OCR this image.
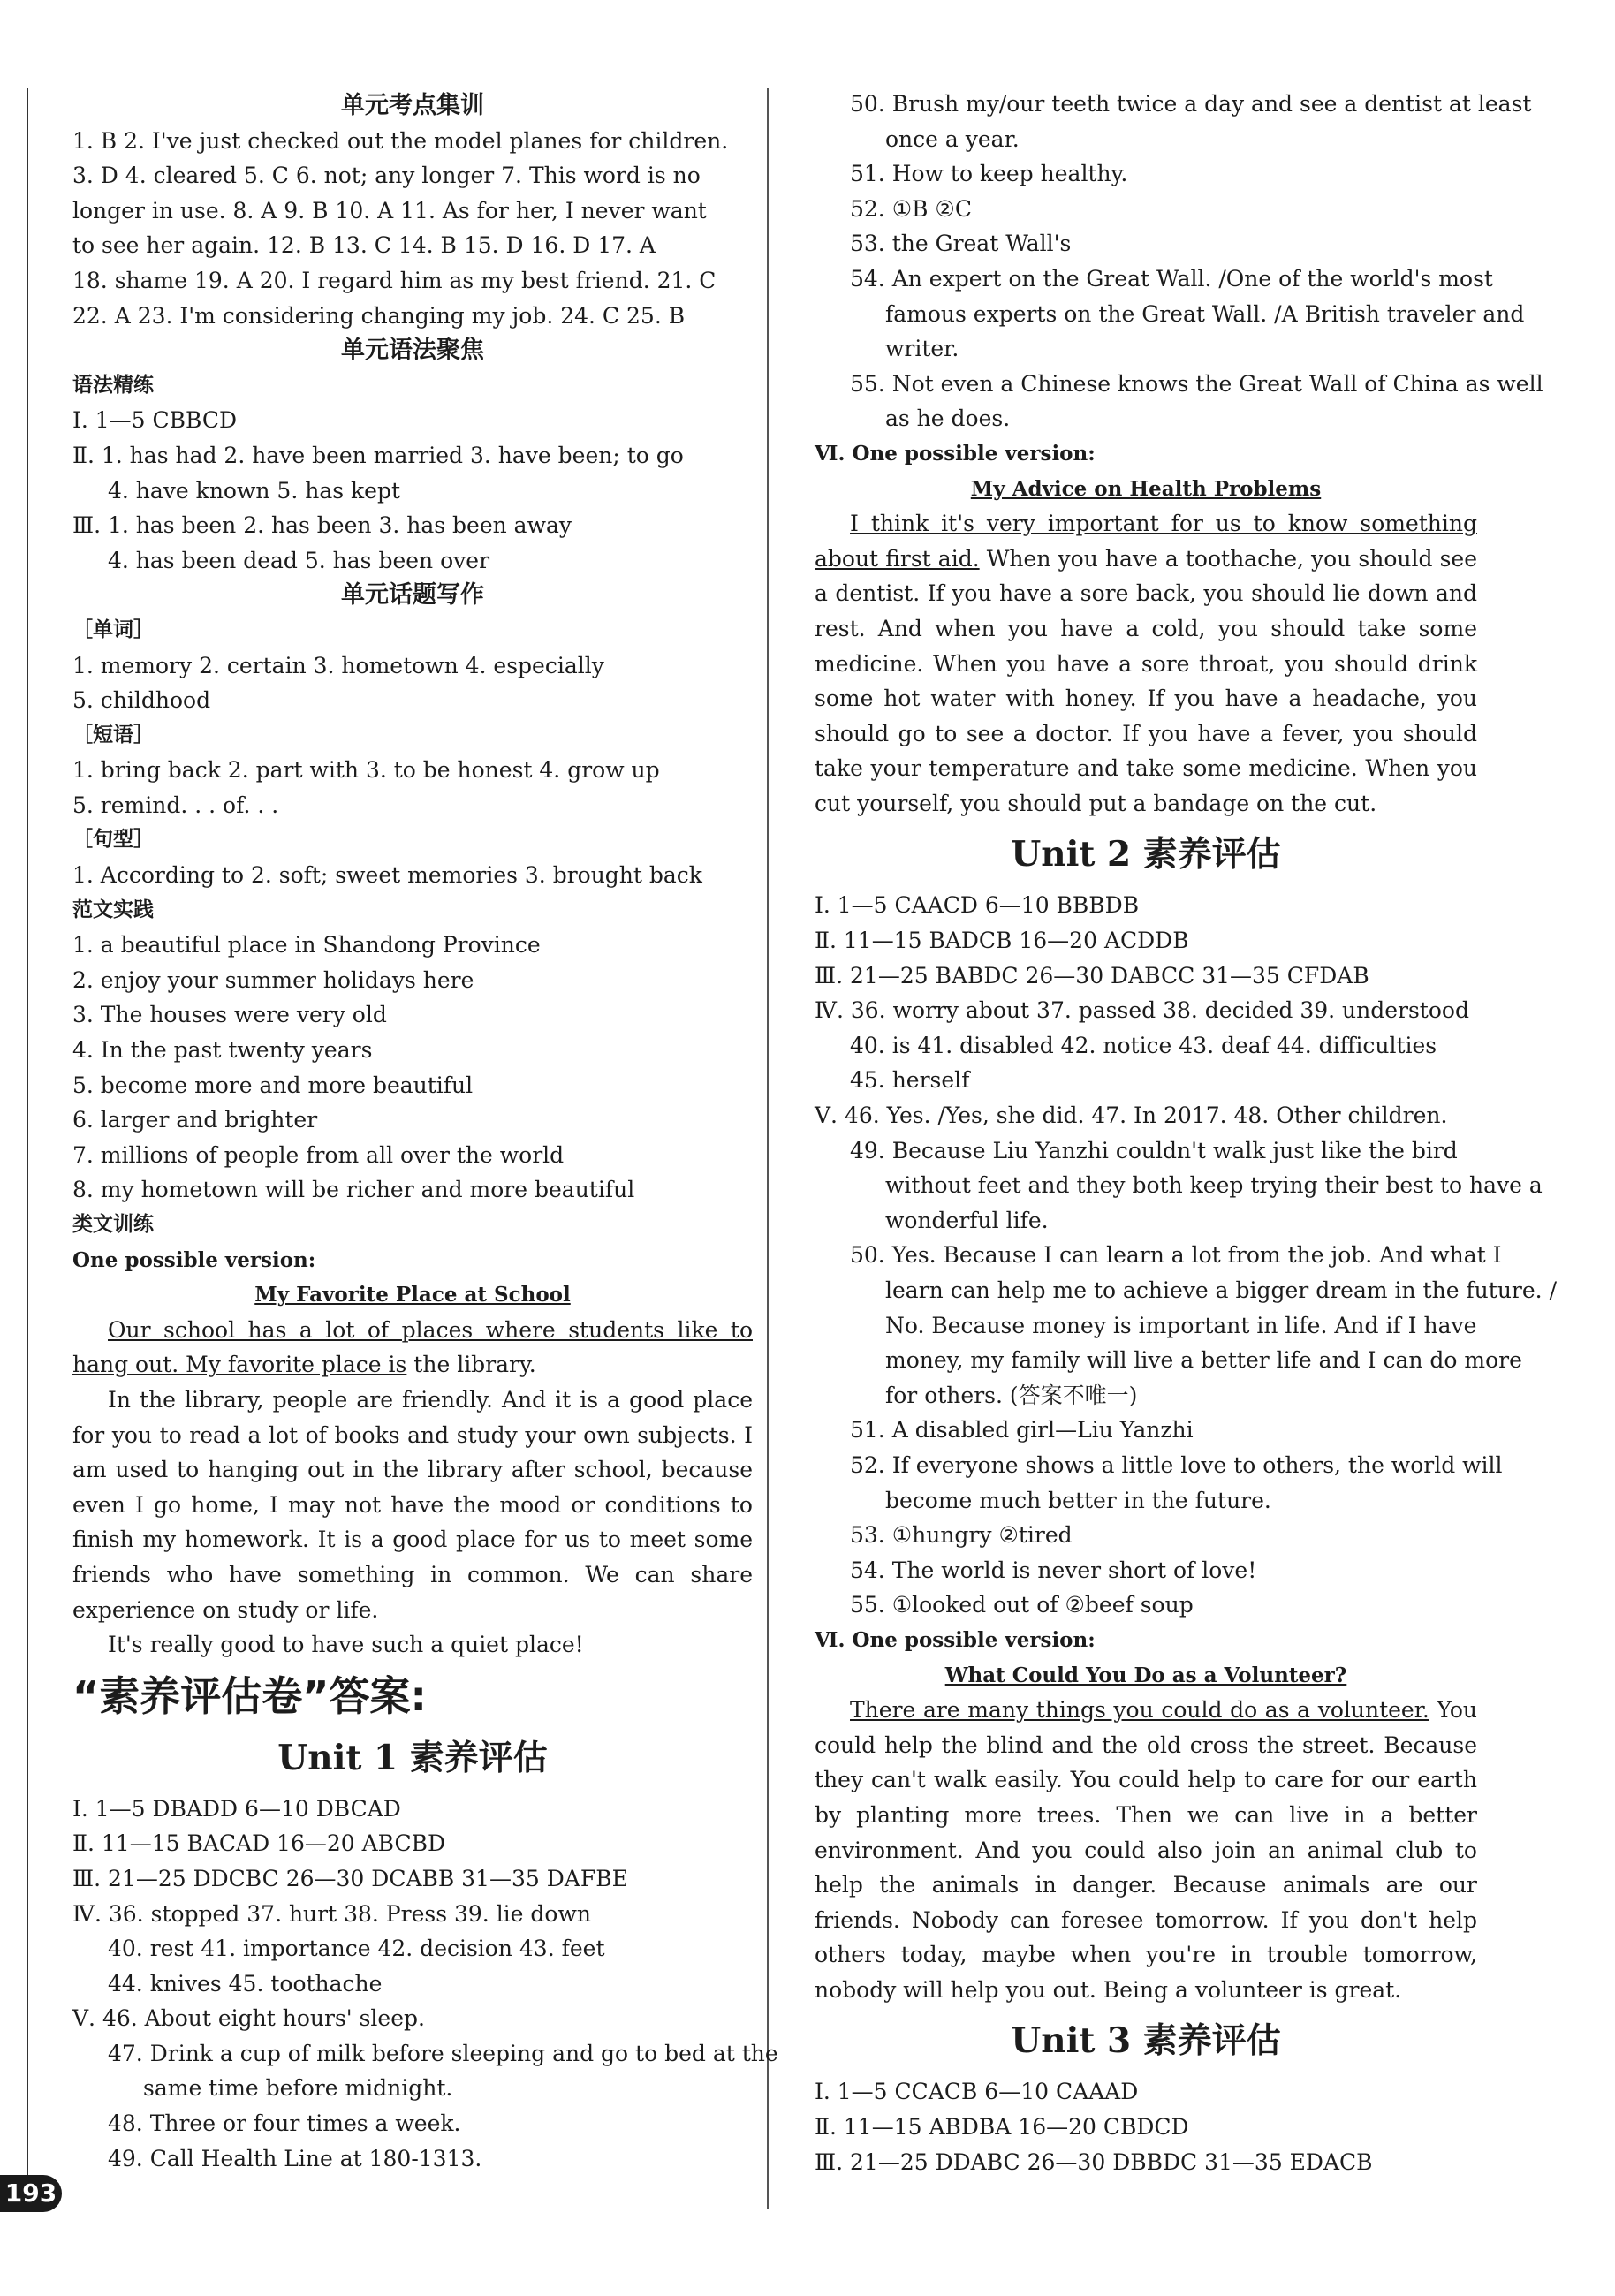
单元考点集训
1. B 2. I've just checked out the model planes for children.
3. D 4. cleared 5. C 6. not; any longer 7. This word is no
longer in use. 8. A 9. B 10. A 11. As for her, I never want
to see her again. 12. B 13. C 14. B 15. D 16. D 17. A
18. shame 19. A 20. I regard him as my best friend. 21. C
22. A 23. I'm considering changing my job. 24. C 25. B
单元语法聚焦
语法精练
Ⅰ. 1—5 CBBCD
Ⅱ. 1. has had 2. have been married 3. have been; to go
4. have known 5. has kept
Ⅲ. 1. has been 2. has been 3. has been away
4. has been dead 5. has been over
单元话题写作
［单词］
1. memory 2. certain 3. hometown 4. especially
5. childhood
［短语］
1. bring back 2. part with 3. to be honest 4. grow up
5. remind. . . of. . .
［句型］
1. According to 2. soft; sweet memories 3. brought back
范文实践
1. a beautiful place in Shandong Province
2. enjoy your summer holidays here
3. The houses were very old
4. In the past twenty years
5. become more and more beautiful
6. larger and brighter
7. millions of people from all over the world
8. my hometown will be richer and more beautiful
类文训练
One possible version:
My Favorite Place at School
Our school has a lot of places where students like to hang out. My favorite place is the library.
In the library, people are friendly. And it is a good place for you to read a lot of books and study your own subjects. I am used to hanging out in the library after school, because even I go home, I may not have the mood or conditions to finish my homework. It is a good place for us to meet some friends who have something in common. We can share experience on study or life.
It's really good to have such a quiet place!
“素养评估卷”答案:
Unit 1 素养评估
Ⅰ. 1—5 DBADD 6—10 DBCAD
Ⅱ. 11—15 BACAD 16—20 ABCBD
Ⅲ. 21—25 DDCBC 26—30 DCABB 31—35 DAFBE
Ⅳ. 36. stopped 37. hurt 38. Press 39. lie down
40. rest 41. importance 42. decision 43. feet
44. knives 45. toothache
Ⅴ. 46. About eight hours' sleep.
47. Drink a cup of milk before sleeping and go to bed at the
same time before midnight.
48. Three or four times a week.
49. Call Health Line at 180-1313.
50. Brush my/our teeth twice a day and see a dentist at least
once a year.
51. How to keep healthy.
52. ①B ②C
53. the Great Wall's
54. An expert on the Great Wall. /One of the world's most
famous experts on the Great Wall. /A British traveler and
writer.
55. Not even a Chinese knows the Great Wall of China as well
as he does.
Ⅵ. One possible version:
My Advice on Health Problems
I think it's very important for us to know something about first aid. When you have a toothache, you should see a dentist. If you have a sore back, you should lie down and rest. And when you have a cold, you should take some medicine. When you have a sore throat, you should drink some hot water with honey. If you have a headache, you should go to see a doctor. If you have a fever, you should take your temperature and take some medicine. When you cut yourself, you should put a bandage on the cut.
Unit 2 素养评估
Ⅰ. 1—5 CAACD 6—10 BBBDB
Ⅱ. 11—15 BADCB 16—20 ACDDB
Ⅲ. 21—25 BABDC 26—30 DABCC 31—35 CFDAB
Ⅳ. 36. worry about 37. passed 38. decided 39. understood
40. is 41. disabled 42. notice 43. deaf 44. difficulties
45. herself
Ⅴ. 46. Yes. /Yes, she did. 47. In 2017. 48. Other children.
49. Because Liu Yanzhi couldn't walk just like the bird
without feet and they both keep trying their best to have a
wonderful life.
50. Yes. Because I can learn a lot from the job. And what I
learn can help me to achieve a bigger dream in the future. /
No. Because money is important in life. And if I have
money, my family will live a better life and I can do more
for others. (答案不唯一)
51. A disabled girl—Liu Yanzhi
52. If everyone shows a little love to others, the world will
become much better in the future.
53. ①hungry ②tired
54. The world is never short of love!
55. ①looked out of ②beef soup
Ⅵ. One possible version:
What Could You Do as a Volunteer?
There are many things you could do as a volunteer. You could help the blind and the old cross the street. Because they can't walk easily. You could help to care for our earth by planting more trees. Then we can live in a better environment. And you could also join an animal club to help the animals in danger. Because animals are our friends. Nobody can foresee tomorrow. If you don't help others today, maybe when you're in trouble tomorrow, nobody will help you out. Being a volunteer is great.
Unit 3 素养评估
Ⅰ. 1—5 CCACB 6—10 CAAAD
Ⅱ. 11—15 ABDBA 16—20 CBDCD
Ⅲ. 21—25 DDABC 26—30 DBBDC 31—35 EDACB
193
